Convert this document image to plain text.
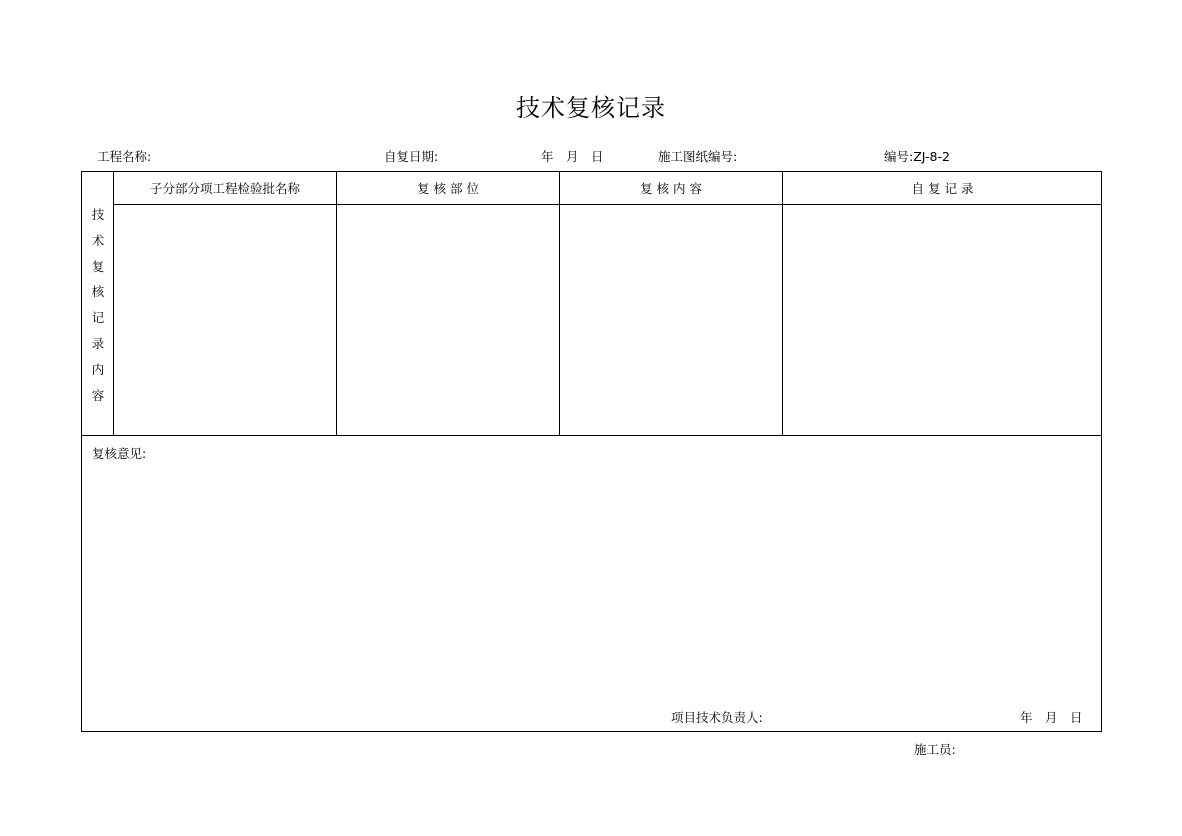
技术复核记录
工程名称:	自复日期:	年　月　日	施工图纸编号:	编号:ZJ-8-2
子分部分项工程检验批名称	复 核 部 位	复 核 内 容	自 复 记 录
技
术
复
核
记
录
内
容
复核意见:
项目技术负责人:	年　月　日
施工员:
